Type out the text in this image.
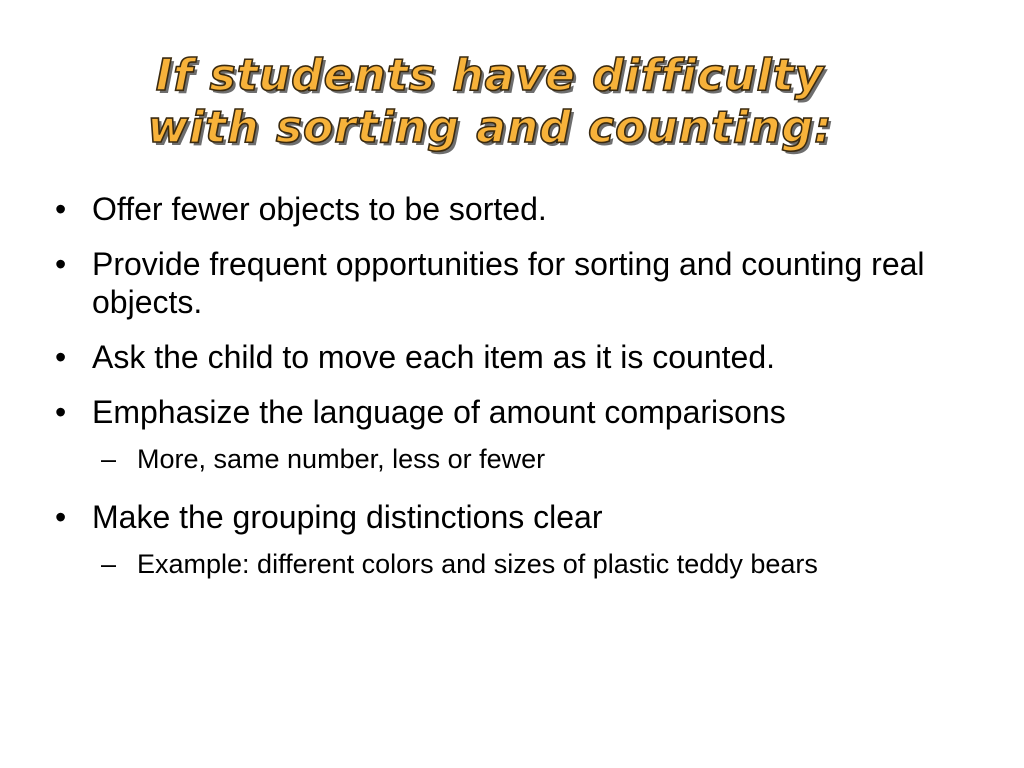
If students have difficulty
with sorting and counting:
• Offer fewer objects to be sorted.
• Provide frequent opportunities for sorting and counting real objects.
• Ask the child to move each item as it is counted.
• Emphasize the language of amount comparisons
– More, same number, less or fewer
• Make the grouping distinctions clear
– Example: different colors and sizes of plastic teddy bears
